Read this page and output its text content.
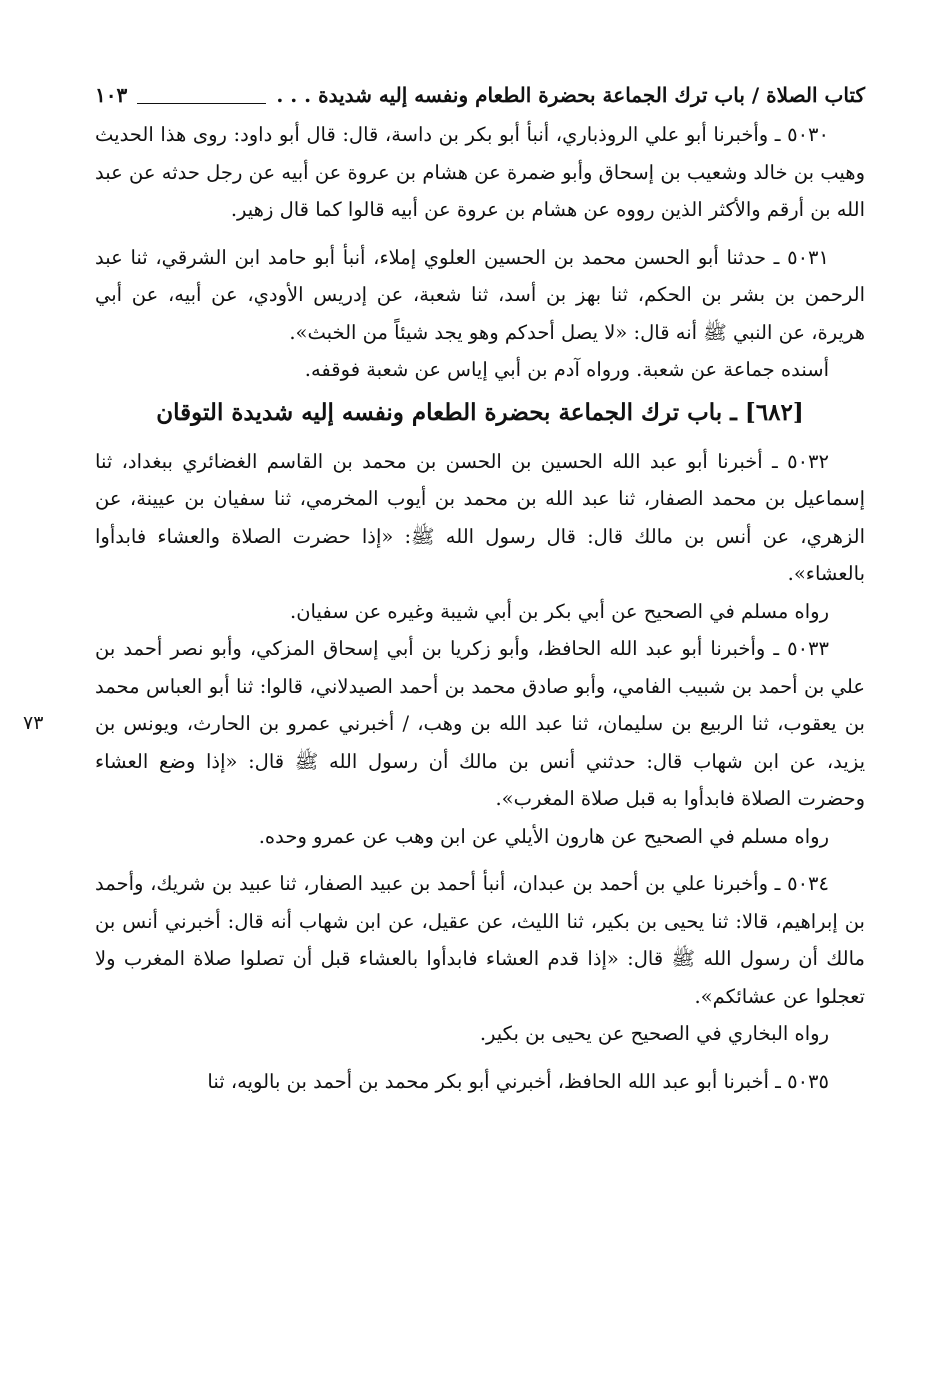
كتاب الصلاة / باب ترك الجماعة بحضرة الطعام ونفسه إليه شديدة . . .
١٠٣

٥٠٣٠ ـ وأخبرنا أبو علي الروذباري، أنبأ أبو بكر بن داسة، قال: قال أبو داود: روى هذا الحديث وهيب بن خالد وشعيب بن إسحاق وأبو ضمرة عن هشام بن عروة عن أبيه عن رجل حدثه عن عبد الله بن أرقم والأكثر الذين رووه عن هشام بن عروة عن أبيه قالوا كما قال زهير.

٥٠٣١ ـ حدثنا أبو الحسن محمد بن الحسين العلوي إملاء، أنبأ أبو حامد ابن الشرقي، ثنا عبد الرحمن بن بشر بن الحكم، ثنا بهز بن أسد، ثنا شعبة، عن إدريس الأودي، عن أبيه، عن أبي هريرة، عن النبي ﷺ أنه قال: «لا يصل أحدكم وهو يجد شيئاً من الخبث».

أسنده جماعة عن شعبة. ورواه آدم بن أبي إياس عن شعبة فوقفه.

[٦٨٢] ـ باب ترك الجماعة بحضرة الطعام ونفسه إليه شديدة التوقان

٥٠٣٢ ـ أخبرنا أبو عبد الله الحسين بن الحسن بن محمد بن القاسم الغضائري ببغداد، ثنا إسماعيل بن محمد الصفار، ثنا عبد الله بن محمد بن أيوب المخرمي، ثنا سفيان بن عيينة، عن الزهري، عن أنس بن مالك قال: قال رسول الله ﷺ: «إذا حضرت الصلاة والعشاء فابدأوا بالعشاء».

رواه مسلم في الصحيح عن أبي بكر بن أبي شيبة وغيره عن سفيان.

٥٠٣٣ ـ وأخبرنا أبو عبد الله الحافظ، وأبو زكريا بن أبي إسحاق المزكي، وأبو نصر أحمد بن علي بن أحمد بن شبيب الفامي، وأبو صادق محمد بن أحمد الصيدلاني، قالوا: ثنا أبو العباس محمد بن يعقوب، ثنا الربيع بن سليمان، ثنا عبد الله بن وهب، / أخبرني عمرو بن الحارث، ويونس بن يزيد، عن ابن شهاب قال: حدثني أنس بن مالك أن رسول الله ﷺ قال: «إذا وضع العشاء وحضرت الصلاة فابدأوا به قبل صلاة المغرب».

٧٣

رواه مسلم في الصحيح عن هارون الأيلي عن ابن وهب عن عمرو وحده.

٥٠٣٤ ـ وأخبرنا علي بن أحمد بن عبدان، أنبأ أحمد بن عبيد الصفار، ثنا عبيد بن شريك، وأحمد بن إبراهيم، قالا: ثنا يحيى بن بكير، ثنا الليث، عن عقيل، عن ابن شهاب أنه قال: أخبرني أنس بن مالك أن رسول الله ﷺ قال: «إذا قدم العشاء فابدأوا بالعشاء قبل أن تصلوا صلاة المغرب ولا تعجلوا عن عشائكم».

رواه البخاري في الصحيح عن يحيى بن بكير.

٥٠٣٥ ـ أخبرنا أبو عبد الله الحافظ، أخبرني أبو بكر محمد بن أحمد بن بالويه، ثنا
